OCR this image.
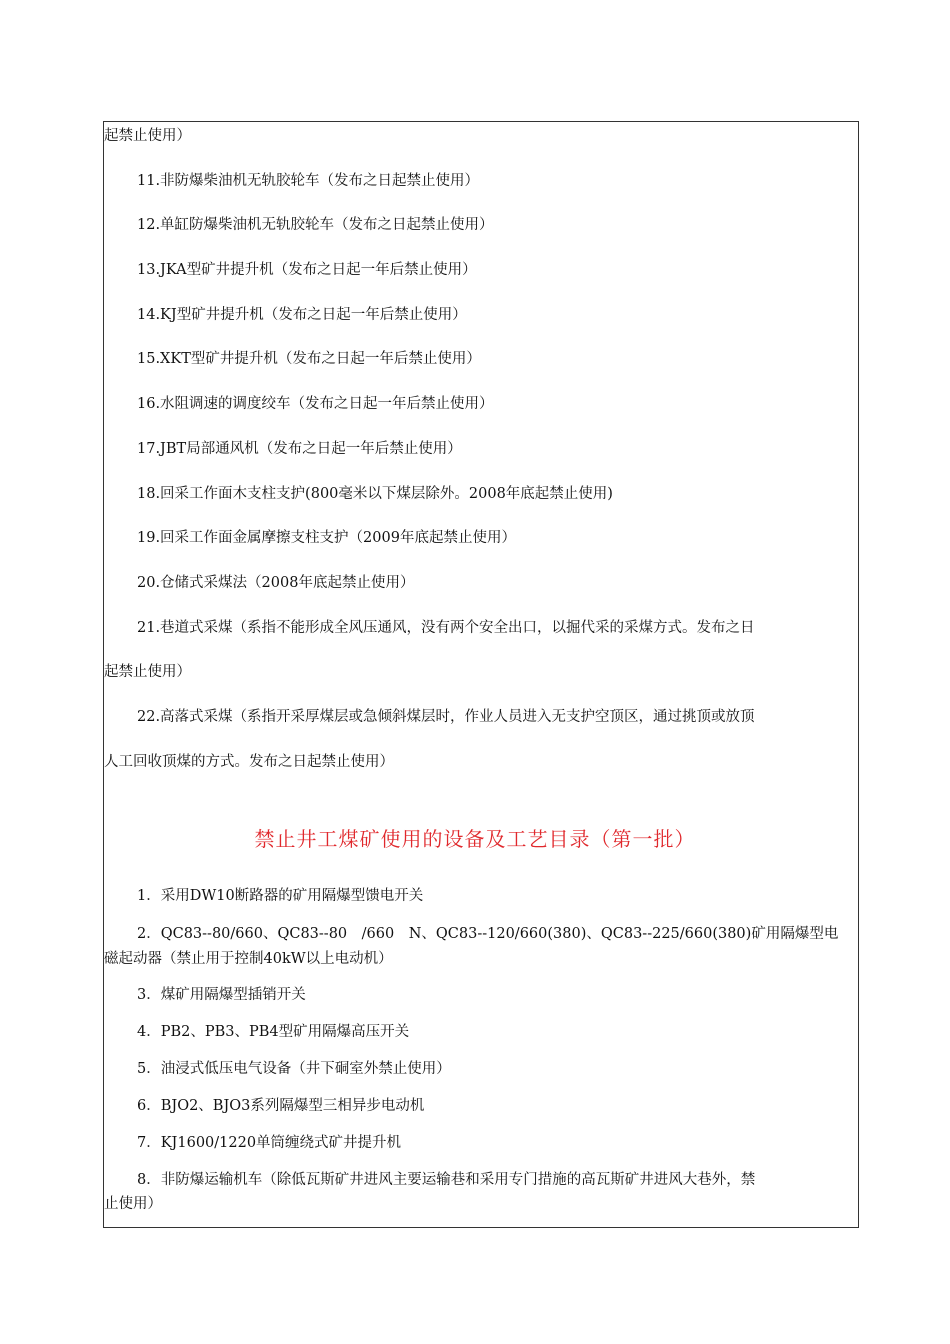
起禁止使用）
11.非防爆柴油机无轨胶轮车（发布之日起禁止使用）
12.单缸防爆柴油机无轨胶轮车（发布之日起禁止使用）
13.JKA型矿井提升机（发布之日起一年后禁止使用）
14.KJ型矿井提升机（发布之日起一年后禁止使用）
15.XKT型矿井提升机（发布之日起一年后禁止使用）
16.水阻调速的调度绞车（发布之日起一年后禁止使用）
17.JBT局部通风机（发布之日起一年后禁止使用）
18.回采工作面木支柱支护(800毫米以下煤层除外。2008年底起禁止使用)
19.回采工作面金属摩擦支柱支护（2009年底起禁止使用）
20.仓储式采煤法（2008年底起禁止使用）
21.巷道式采煤（系指不能形成全风压通风，没有两个安全出口，以掘代采的采煤方式。发布之日
起禁止使用）
22.高落式采煤（系指开采厚煤层或急倾斜煤层时，作业人员进入无支护空顶区，通过挑顶或放顶
人工回收顶煤的方式。发布之日起禁止使用）
禁止井工煤矿使用的设备及工艺目录（第一批）
1．采用DW10断路器的矿用隔爆型馈电开关
2．QC83--80/660、QC83--80　/660　N、QC83--120/660(380)、QC83--225/660(380)矿用隔爆型电
磁起动器（禁止用于控制40kW以上电动机）
3．煤矿用隔爆型插销开关
4．PB2、PB3、PB4型矿用隔爆高压开关
5．油浸式低压电气设备（井下硐室外禁止使用）
6．BJO2、BJO3系列隔爆型三相异步电动机
7．KJ1600/1220单筒缠绕式矿井提升机
8．非防爆运输机车（除低瓦斯矿井进风主要运输巷和采用专门措施的高瓦斯矿井进风大巷外，禁
止使用）
